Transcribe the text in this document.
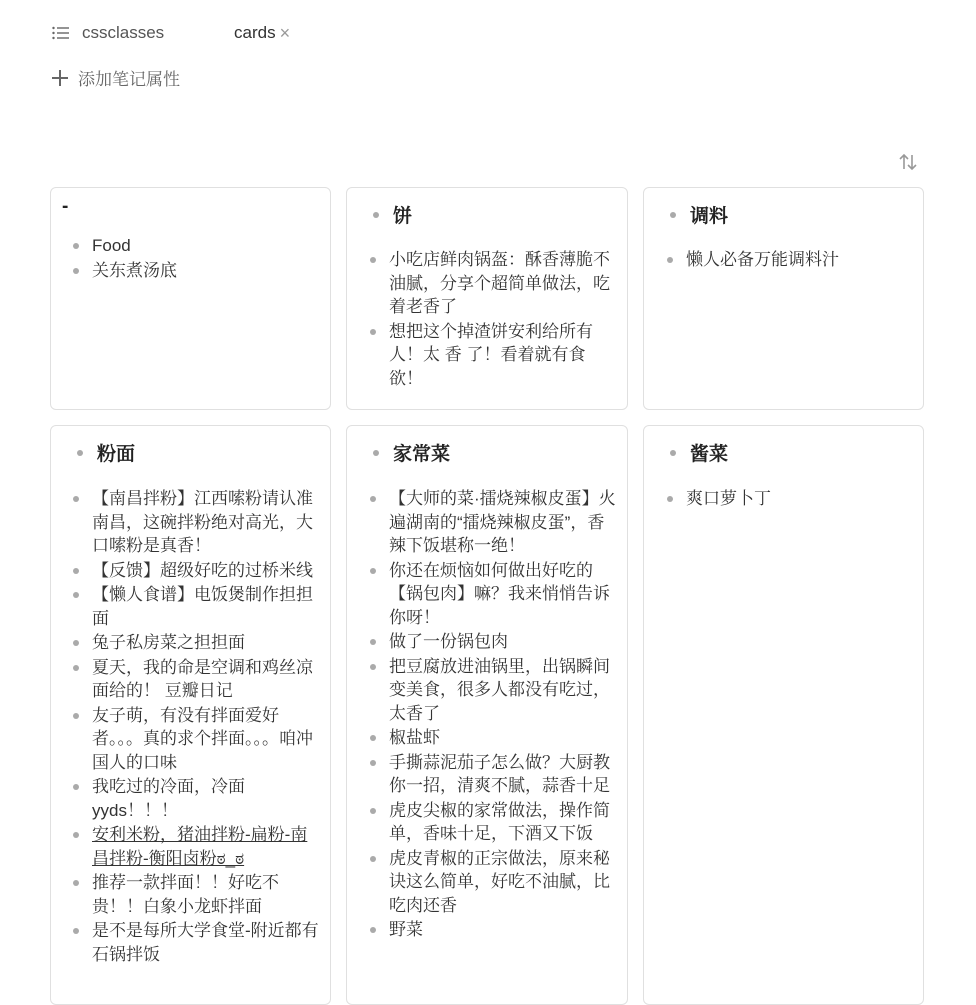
cssclasses	cards ×
添加笔记属性
-
Food
关东煮汤底
饼
小吃店鲜肉锅盔：酥香薄脆不油腻，分享个超简单做法，吃着老香了
想把这个掉渣饼安利给所有人！太 香 了！看着就有食欲！
调料
懒人必备万能调料汁
粉面
【南昌拌粉】江西嗦粉请认准南昌，这碗拌粉绝对高光，大口嗦粉是真香！
【反馈】超级好吃的过桥米线
【懒人食谱】电饭煲制作担担面
兔子私房菜之担担面
夏天，我的命是空调和鸡丝凉面给的！ 豆瓣日记
友子萌，有没有拌面爱好者。。。真的求个拌面。。。咱冲国人的口味
我吃过的冷面，冷面yyds！！！
安利米粉，猪油拌粉-扁粉-南昌拌粉-衡阳卤粉ಠ_ಠ
推荐一款拌面！！好吃不贵！！白象小龙虾拌面
是不是每所大学食堂-附近都有石锅拌饭
家常菜
【大师的菜·擂烧辣椒皮蛋】火遍湖南的“擂烧辣椒皮蛋”，香辣下饭堪称一绝！
你还在烦恼如何做出好吃的【锅包肉】嘛？我来悄悄告诉你呀！
做了一份锅包肉
把豆腐放进油锅里，出锅瞬间变美食，很多人都没有吃过，太香了
椒盐虾
手撕蒜泥茄子怎么做？大厨教你一招，清爽不腻，蒜香十足
虎皮尖椒的家常做法，操作简单，香味十足，下酒又下饭
虎皮青椒的正宗做法，原来秘诀这么简单，好吃不油腻，比吃肉还香
野菜
酱菜
爽口萝卜丁
